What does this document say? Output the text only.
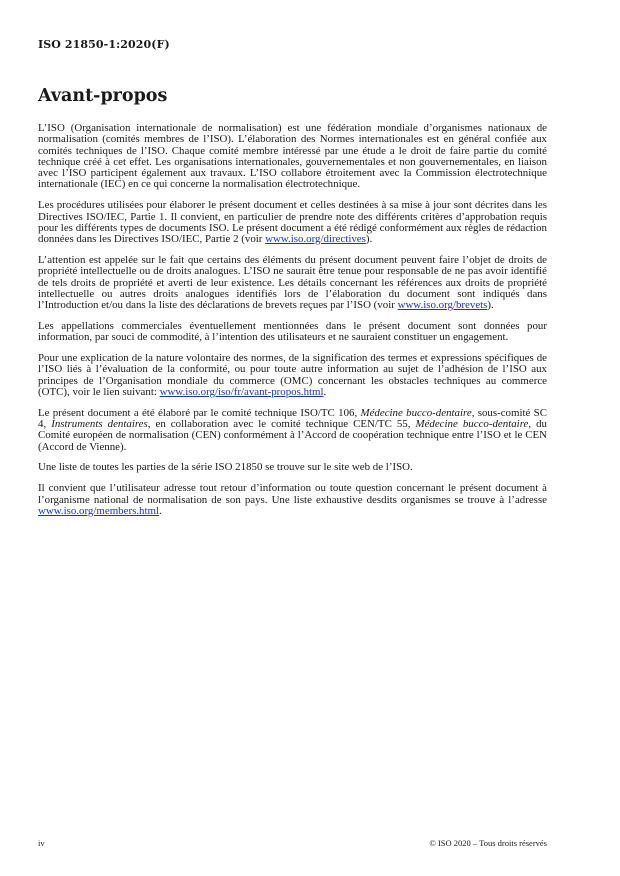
ISO 21850-1:2020(F)
Avant-propos

L’ISO (Organisation internationale de normalisation) est une fédération mondiale d’organismes nationaux de normalisation (comités membres de l’ISO). L’élaboration des Normes internationales est en général confiée aux comités techniques de l’ISO. Chaque comité membre intéressé par une étude a le droit de faire partie du comité technique créé à cet effet. Les organisations internationales, gouvernementales et non gouvernementales, en liaison avec l’ISO participent également aux travaux. L’ISO collabore étroitement avec la Commission électrotechnique internationale (IEC) en ce qui concerne la normalisation électrotechnique.

Les procédures utilisées pour élaborer le présent document et celles destinées à sa mise à jour sont décrites dans les Directives ISO/IEC, Partie 1. Il convient, en particulier de prendre note des différents critères d’approbation requis pour les différents types de documents ISO. Le présent document a été rédigé conformément aux règles de rédaction données dans les Directives ISO/IEC, Partie 2 (voir www.iso.org/directives).

L’attention est appelée sur le fait que certains des éléments du présent document peuvent faire l’objet de droits de propriété intellectuelle ou de droits analogues. L’ISO ne saurait être tenue pour responsable de ne pas avoir identifié de tels droits de propriété et averti de leur existence. Les détails concernant les références aux droits de propriété intellectuelle ou autres droits analogues identifiés lors de l’élaboration du document sont indiqués dans l’Introduction et/ou dans la liste des déclarations de brevets reçues par l’ISO (voir www.iso.org/brevets).

Les appellations commerciales éventuellement mentionnées dans le présent document sont données pour information, par souci de commodité, à l’intention des utilisateurs et ne sauraient constituer un engagement.

Pour une explication de la nature volontaire des normes, de la signification des termes et expressions spécifiques de l’ISO liés à l’évaluation de la conformité, ou pour toute autre information au sujet de l’adhésion de l’ISO aux principes de l’Organisation mondiale du commerce (OMC) concernant les obstacles techniques au commerce (OTC), voir le lien suivant: www.iso.org/iso/fr/avant-propos.html.

Le présent document a été élaboré par le comité technique ISO/TC 106, Médecine bucco-dentaire, sous-comité SC 4, Instruments dentaires, en collaboration avec le comité technique CEN/TC 55, Médecine bucco-dentaire, du Comité européen de normalisation (CEN) conformément à l’Accord de coopération technique entre l’ISO et le CEN (Accord de Vienne).

Une liste de toutes les parties de la série ISO 21850 se trouve sur le site web de l’ISO.

Il convient que l’utilisateur adresse tout retour d’information ou toute question concernant le présent document à l’organisme national de normalisation de son pays. Une liste exhaustive desdits organismes se trouve à l’adresse www.iso.org/members.html.

iv	© ISO 2020 – Tous droits réservés
